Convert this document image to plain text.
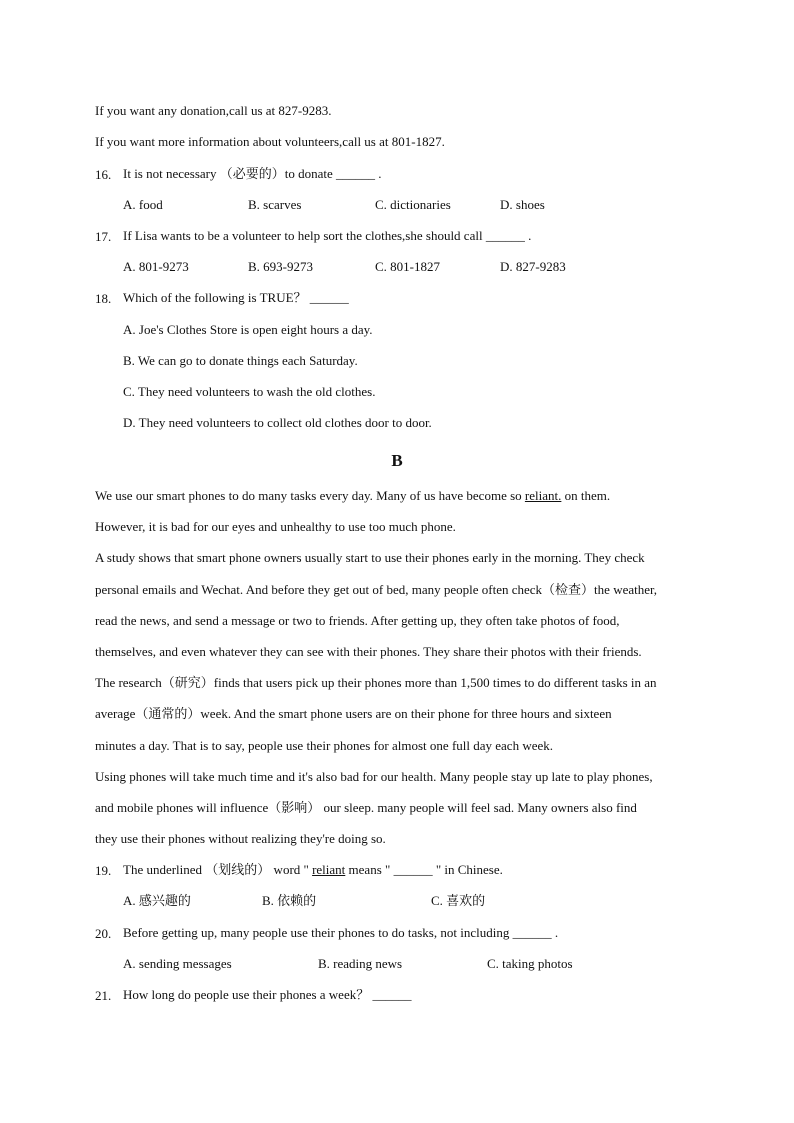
If you want any donation,call us at 827-9283.
If you want more information about volunteers,call us at 801-1827.
16. It is not necessary （必要的）to donate ______ .
A. food	B. scarves	C. dictionaries	D. shoes
17. If Lisa wants to be a volunteer to help sort the clothes,she should call ______ .
A. 801-9273	B. 693-9273	C. 801-1827	D. 827-9283
18. Which of the following is TRUE？ ______
A. Joe's Clothes Store is open eight hours a day.
B. We can go to donate things each Saturday.
C. They need volunteers to wash the old clothes.
D. They need volunteers to collect old clothes door to door.
B
We use our smart phones to do many tasks every day. Many of us have become so reliant. on them.
However, it is bad for our eyes and unhealthy to use too much phone.
A study shows that smart phone owners usually start to use their phones early in the morning. They check
personal emails and Wechat. And before they get out of bed, many people often check（检查）the weather,
read the news, and send a message or two to friends. After getting up, they often take photos of food,
themselves, and even whatever they can see with their phones. They share their photos with their friends.
The research（研究）finds that users pick up their phones more than 1,500 times to do different tasks in an
average（通常的）week. And the smart phone users are on their phone for three hours and sixteen
minutes a day. That is to say, people use their phones for almost one full day each week.
Using phones will take much time and it's also bad for our health. Many people stay up late to play phones,
and mobile phones will influence（影响） our sleep. many people will feel sad. Many owners also find
they use their phones without realizing they're doing so.
19. The underlined （划线的） word " reliant means " ______ " in Chinese.
A. 感兴趣的	B. 依赖的	C. 喜欢的
20. Before getting up, many people use their phones to do tasks, not including ______ .
A. sending messages	B. reading news	C. taking photos
21. How long do people use their phones a week？ ______
